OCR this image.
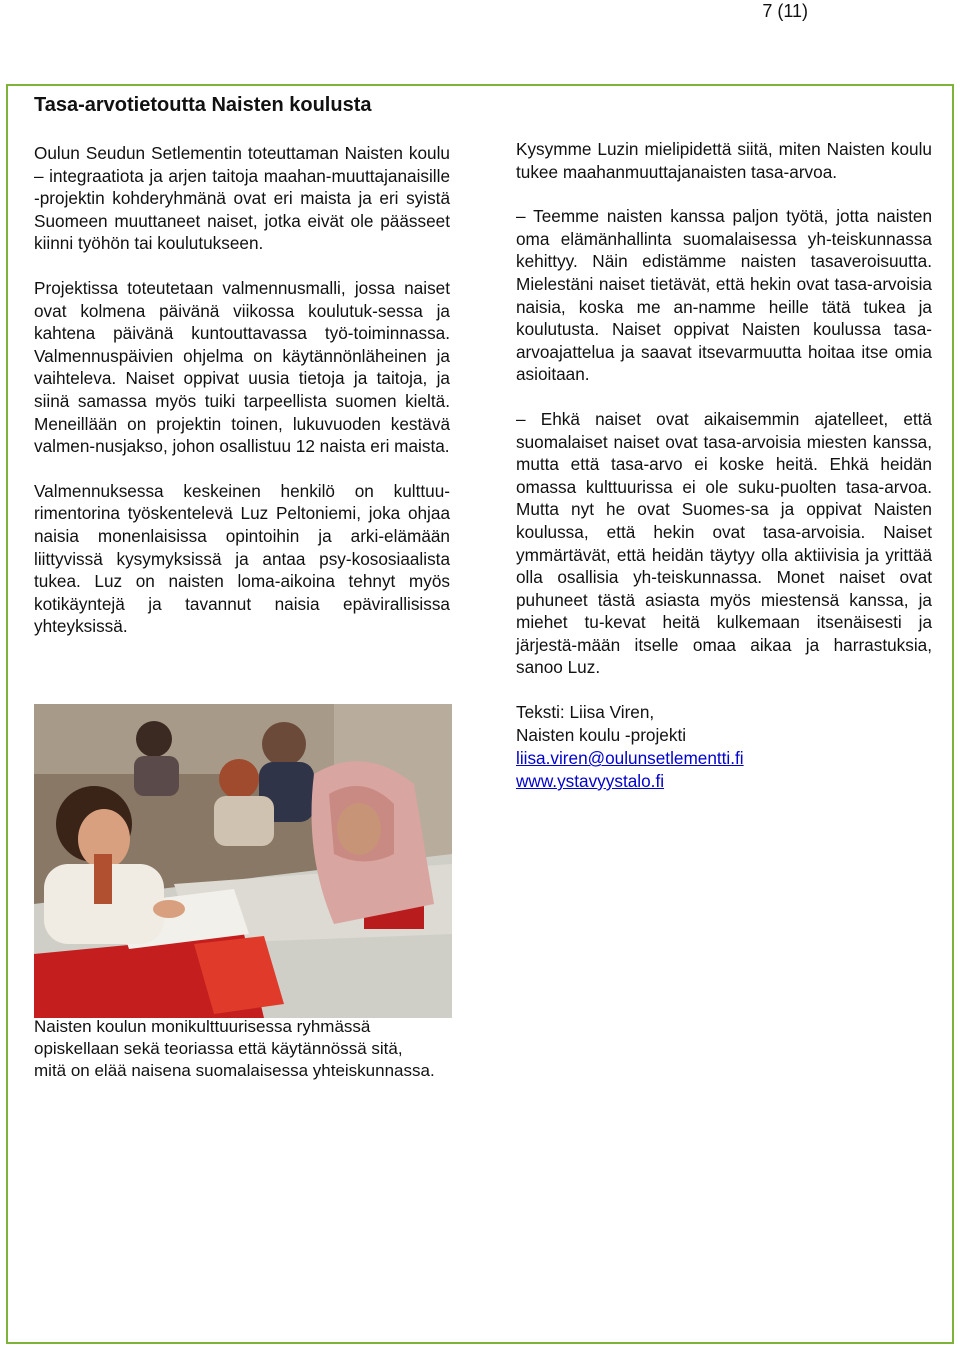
7 (11)
Tasa-arvotietoutta Naisten koulusta

Oulun Seudun Setlementin toteuttaman Naisten koulu – integraatiota ja arjen taitoja maahan-muuttajanaisille -projektin kohderyhmänä ovat eri maista ja eri syistä Suomeen muuttaneet naiset, jotka eivät ole päässeet kiinni työhön tai koulutukseen.

Projektissa toteutetaan valmennusmalli, jossa naiset ovat kolmena päivänä viikossa koulutuk-sessa ja kahtena päivänä kuntouttavassa työ-toiminnassa. Valmennuspäivien ohjelma on käytännönläheinen ja vaihteleva. Naiset oppivat uusia tietoja ja taitoja, ja siinä samassa myös tuiki tarpeellista suomen kieltä. Meneillään on projektin toinen, lukuvuoden kestävä valmen-nusjakso, johon osallistuu 12 naista eri maista.

Valmennuksessa keskeinen henkilö on kulttuu-rimentorina työskentelevä Luz Peltoniemi, joka ohjaa naisia monenlaisissa opintoihin ja arki-elämään liittyvissä kysymyksissä ja antaa psy-kososiaalista tukea. Luz on naisten loma-aikoina tehnyt myös kotikäyntejä ja tavannut naisia epävirallisissa yhteyksissä.

Naisten koulun monikulttuurisessa ryhmässä
opiskellaan sekä teoriassa että käytännössä sitä,
mitä on elää naisena suomalaisessa yhteiskunnassa.

Kysymme Luzin mielipidettä siitä, miten Naisten koulu tukee maahanmuuttajanaisten tasa-arvoa.

– Teemme naisten kanssa paljon työtä, jotta naisten oma elämänhallinta suomalaisessa yh-teiskunnassa kehittyy. Näin edistämme naisten tasaveroisuutta. Mielestäni naiset tietävät, että hekin ovat tasa-arvoisia naisia, koska me an-namme heille tätä tukea ja koulutusta. Naiset oppivat Naisten koulussa tasa-arvoajattelua ja saavat itsevarmuutta hoitaa itse omia asioitaan.

– Ehkä naiset ovat aikaisemmin ajatelleet, että suomalaiset naiset ovat tasa-arvoisia miesten kanssa, mutta että tasa-arvo ei koske heitä. Ehkä heidän omassa kulttuurissa ei ole suku-puolten tasa-arvoa. Mutta nyt he ovat Suomes-sa ja oppivat Naisten koulussa, että hekin ovat tasa-arvoisia. Naiset ymmärtävät, että heidän täytyy olla aktiivisia ja yrittää olla osallisia yh-teiskunnassa. Monet naiset ovat puhuneet tästä asiasta myös miestensä kanssa, ja miehet tu-kevat heitä kulkemaan itsenäisesti ja järjestä-mään itselle omaa aikaa ja harrastuksia, sanoo Luz.

Teksti: Liisa Viren,
Naisten koulu -projekti
liisa.viren@oulunsetlementti.fi
www.ystavyystalo.fi
